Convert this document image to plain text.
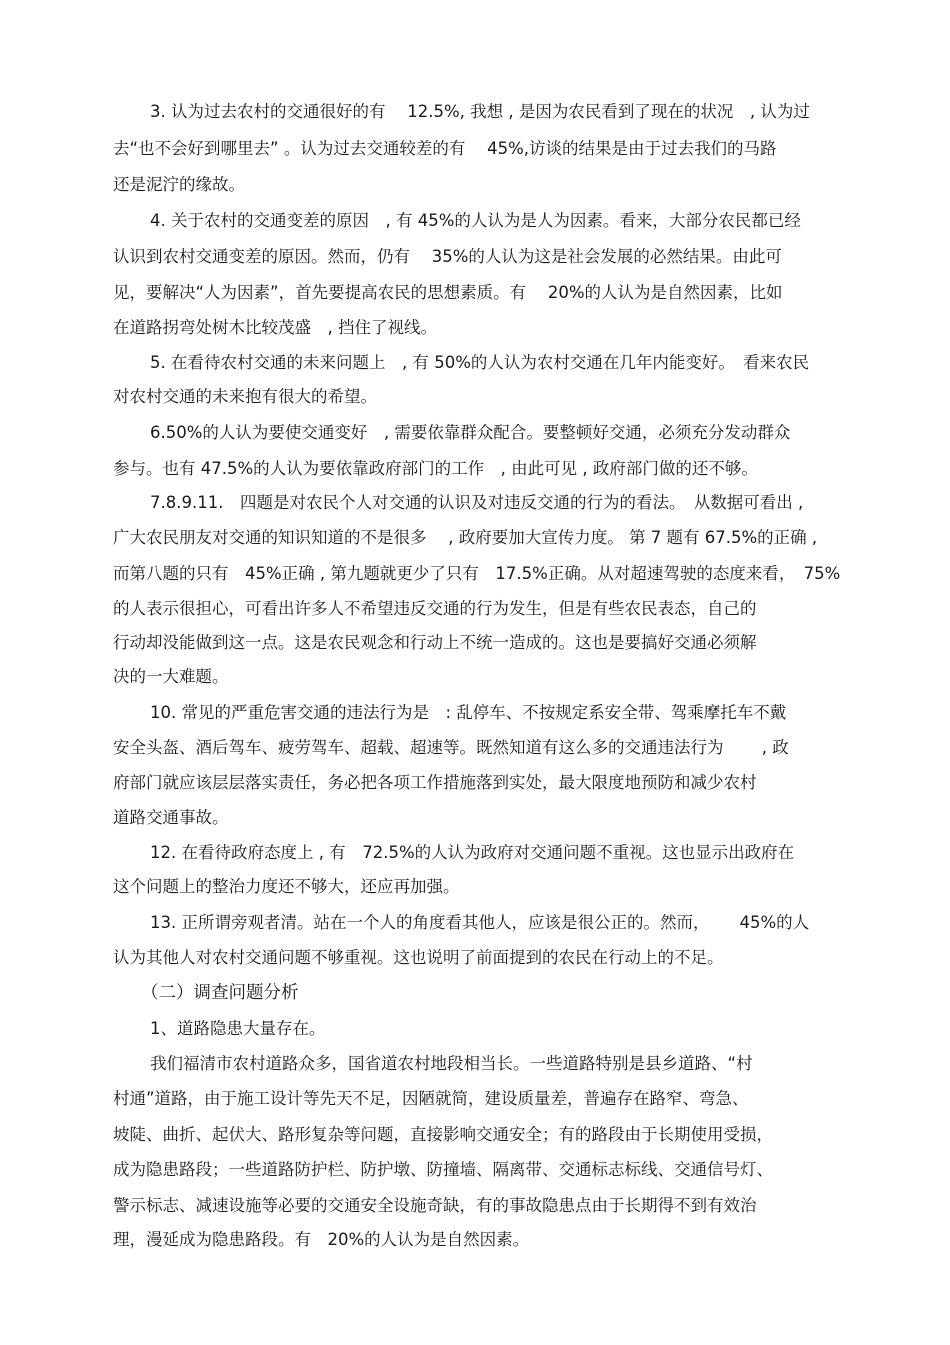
3. 认为过去农村的交通很好的有　 12.5%, 我想 , 是因为农民看到了现在的状况　, 认为过
去“也不会好到哪里去” 。认为过去交通较差的有　 45%,访谈的结果是由于过去我们的马路
还是泥泞的缘故。
4. 关于农村的交通变差的原因　, 有 45%的人认为是人为因素。看来，大部分农民都已经
认识到农村交通变差的原因。然而，仍有　 35%的人认为这是社会发展的必然结果。由此可
见，要解决“人为因素”，首先要提高农民的思想素质。有　 20%的人认为是自然因素，比如
在道路拐弯处树木比较茂盛　, 挡住了视线。
5. 在看待农村交通的未来问题上　, 有 50%的人认为农村交通在几年内能变好。　看来农民
对农村交通的未来抱有很大的希望。
6.50%的人认为要使交通变好　, 需要依靠群众配合。要整顿好交通，必须充分发动群众
参与。也有 47.5%的人认为要依靠政府部门的工作　, 由此可见 , 政府部门做的还不够。
7.8.9.11.　四题是对农民个人对交通的认识及对违反交通的行为的看法。　从数据可看出 ,
广大农民朋友对交通的知识知道的不是很多　 , 政府要加大宣传力度。 第 7 题有 67.5%的正确 ,
而第八题的只有　45%正确 , 第九题就更少了只有　17.5%正确。从对超速驾驶的态度来看，　75%
的人表示很担心，可看出许多人不希望违反交通的行为发生，但是有些农民表态，自己的
行动却没能做到这一点。这是农民观念和行动上不统一造成的。这也是要搞好交通必须解
决的一大难题。
10. 常见的严重危害交通的违法行为是　: 乱停车、不按规定系安全带、驾乘摩托车不戴
安全头盔、酒后驾车、疲劳驾车、超载、超速等。既然知道有这么多的交通违法行为　　 , 政
府部门就应该层层落实责任，务必把各项工作措施落到实处，最大限度地预防和减少农村
道路交通事故。
12. 在看待政府态度上 , 有　72.5%的人认为政府对交通问题不重视。这也显示出政府在
这个问题上的整治力度还不够大，还应再加强。
13. 正所谓旁观者清。站在一个人的角度看其他人，应该是很公正的。然而，　　 45%的人
认为其他人对农村交通问题不够重视。这也说明了前面提到的农民在行动上的不足。
（二）调查问题分析
1、道路隐患大量存在。
我们福清市农村道路众多，国省道农村地段相当长。一些道路特别是县乡道路、“村
村通”道路，由于施工设计等先天不足，因陋就简，建设质量差，普遍存在路窄、弯急、
坡陡、曲折、起伏大、路形复杂等问题，直接影响交通安全；有的路段由于长期使用受损，
成为隐患路段；一些道路防护栏、防护墩、防撞墙、隔离带、交通标志标线、交通信号灯、
警示标志、减速设施等必要的交通安全设施奇缺，有的事故隐患点由于长期得不到有效治
理，漫延成为隐患路段。有　20%的人认为是自然因素。
